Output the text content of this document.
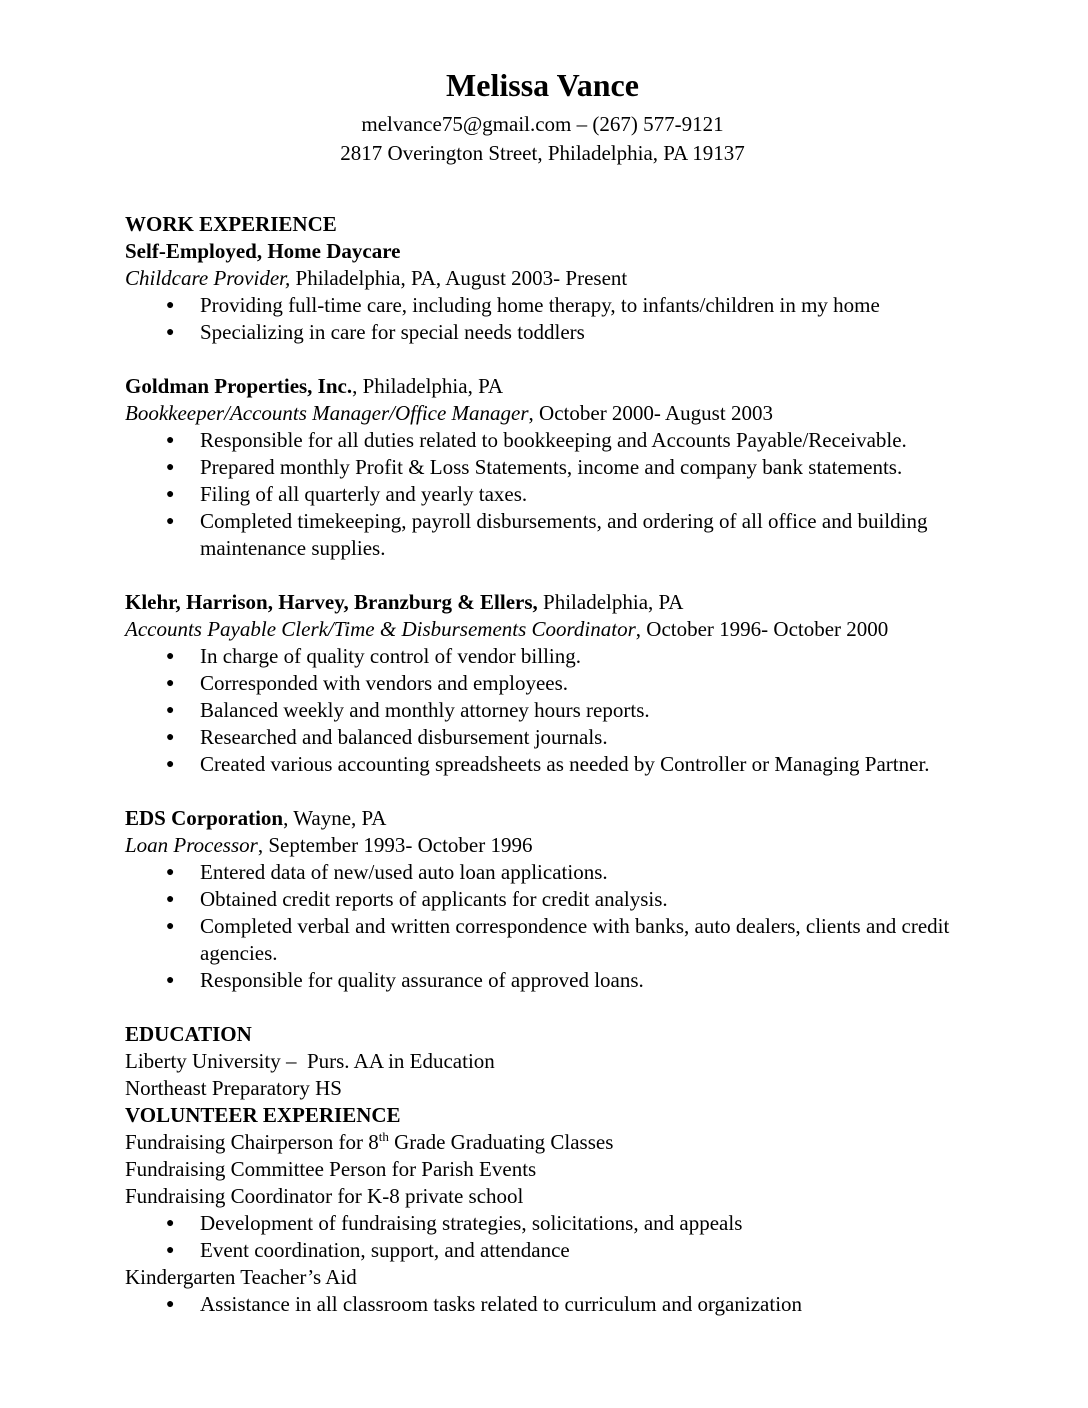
Melissa Vance
melvance75@gmail.com – (267) 577-9121
2817 Overington Street, Philadelphia, PA 19137
WORK EXPERIENCE
Self-Employed, Home Daycare
Childcare Provider, Philadelphia, PA, August 2003- Present
● Providing full-time care, including home therapy, to infants/children in my home
● Specializing in care for special needs toddlers
Goldman Properties, Inc., Philadelphia, PA
Bookkeeper/Accounts Manager/Office Manager, October 2000- August 2003
● Responsible for all duties related to bookkeeping and Accounts Payable/Receivable.
● Prepared monthly Profit & Loss Statements, income and company bank statements.
● Filing of all quarterly and yearly taxes.
● Completed timekeeping, payroll disbursements, and ordering of all office and building maintenance supplies.
Klehr, Harrison, Harvey, Branzburg & Ellers, Philadelphia, PA
Accounts Payable Clerk/Time & Disbursements Coordinator, October 1996- October 2000
● In charge of quality control of vendor billing.
● Corresponded with vendors and employees.
● Balanced weekly and monthly attorney hours reports.
● Researched and balanced disbursement journals.
● Created various accounting spreadsheets as needed by Controller or Managing Partner.
EDS Corporation, Wayne, PA
Loan Processor, September 1993- October 1996
● Entered data of new/used auto loan applications.
● Obtained credit reports of applicants for credit analysis.
● Completed verbal and written correspondence with banks, auto dealers, clients and credit agencies.
● Responsible for quality assurance of approved loans.
EDUCATION
Liberty University –  Purs. AA in Education
Northeast Preparatory HS
VOLUNTEER EXPERIENCE
Fundraising Chairperson for 8th Grade Graduating Classes
Fundraising Committee Person for Parish Events
Fundraising Coordinator for K-8 private school
● Development of fundraising strategies, solicitations, and appeals
● Event coordination, support, and attendance
Kindergarten Teacher’s Aid
● Assistance in all classroom tasks related to curriculum and organization
